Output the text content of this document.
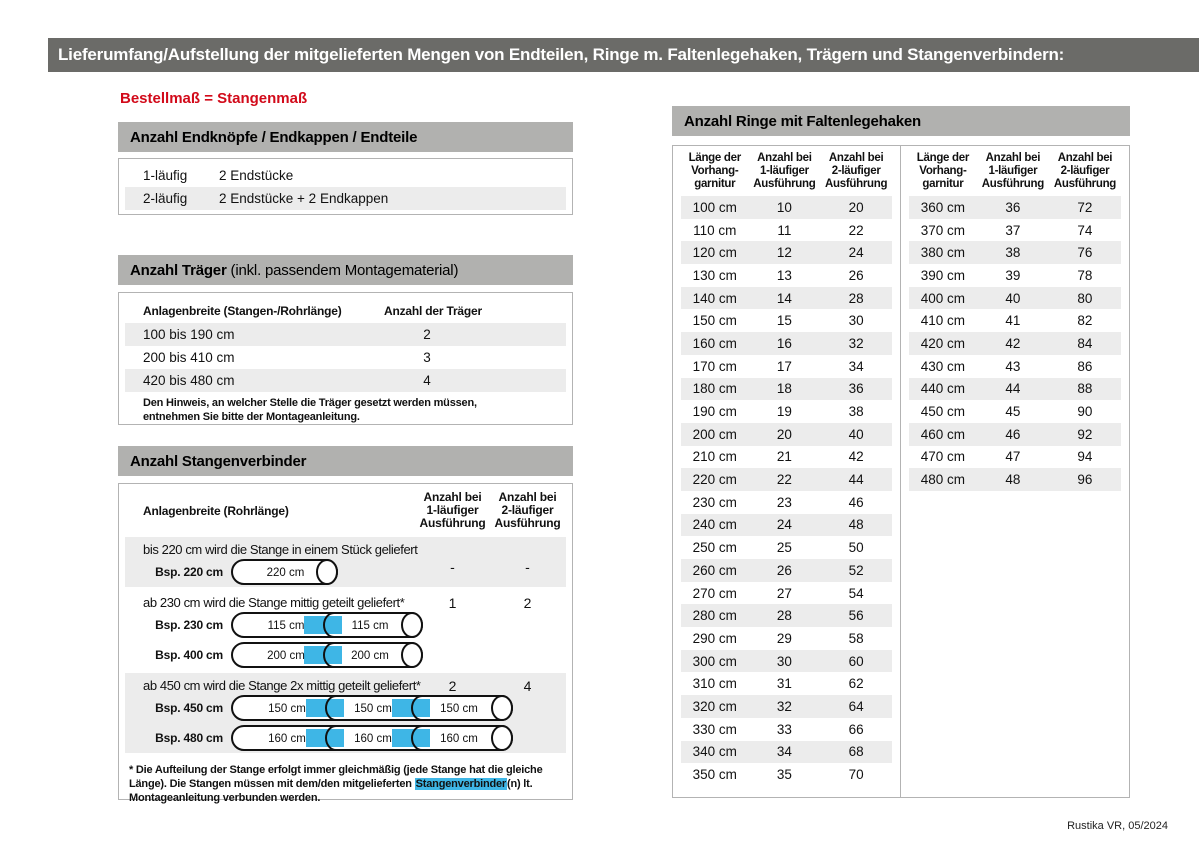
Lieferumfang/Aufstellung der mitgelieferten Mengen von Endteilen, Ringe m. Faltenlegehaken, Trägern und Stangenverbindern:
Bestellmaß = Stangenmaß
Anzahl Endknöpfe / Endkappen / Endteile
1-läufig	2 Endstücke
2-läufig	2 Endstücke + 2 Endkappen
Anzahl Träger (inkl. passendem Montagematerial)
Anlagenbreite (Stangen-/Rohrlänge)	Anzahl der Träger
100 bis 190 cm	2
200 bis 410 cm	3
420 bis 480 cm	4
Den Hinweis, an welcher Stelle die Träger gesetzt werden müssen, entnehmen Sie bitte der Montageanleitung.
Anzahl Stangenverbinder
Anlagenbreite (Rohrlänge)
Anzahl bei
1-läufiger
Ausführung
Anzahl bei
2-läufiger
Ausführung
bis 220 cm wird die Stange in einem Stück geliefert
-	-
Bsp. 220 cm	220 cm
ab 230 cm wird die Stange mittig geteilt geliefert*	1	2
Bsp. 230 cm	115 cm	115 cm
Bsp. 400 cm	200 cm	200 cm
ab 450 cm wird die Stange 2x mittig geteilt geliefert*	2	4
Bsp. 450 cm	150 cm	150 cm	150 cm
Bsp. 480 cm	160 cm	160 cm	160 cm
* Die Aufteilung der Stange erfolgt immer gleichmäßig (jede Stange hat die gleiche Länge). Die Stangen müssen mit dem/den mitgelieferten Stangenverbinder(n) lt. Montageanleitung verbunden werden.
Anzahl Ringe mit Faltenlegehaken
Länge der
Vorhang-
garnitur
Anzahl bei
1-läufiger
Ausführung
Anzahl bei
2-läufiger
Ausführung
100 cm	10	20
110 cm	11	22
120 cm	12	24
130 cm	13	26
140 cm	14	28
150 cm	15	30
160 cm	16	32
170 cm	17	34
180 cm	18	36
190 cm	19	38
200 cm	20	40
210 cm	21	42
220 cm	22	44
230 cm	23	46
240 cm	24	48
250 cm	25	50
260 cm	26	52
270 cm	27	54
280 cm	28	56
290 cm	29	58
300 cm	30	60
310 cm	31	62
320 cm	32	64
330 cm	33	66
340 cm	34	68
350 cm	35	70
Länge der
Vorhang-
garnitur
Anzahl bei
1-läufiger
Ausführung
Anzahl bei
2-läufiger
Ausführung
360 cm	36	72
370 cm	37	74
380 cm	38	76
390 cm	39	78
400 cm	40	80
410 cm	41	82
420 cm	42	84
430 cm	43	86
440 cm	44	88
450 cm	45	90
460 cm	46	92
470 cm	47	94
480 cm	48	96
Rustika VR, 05/2024
